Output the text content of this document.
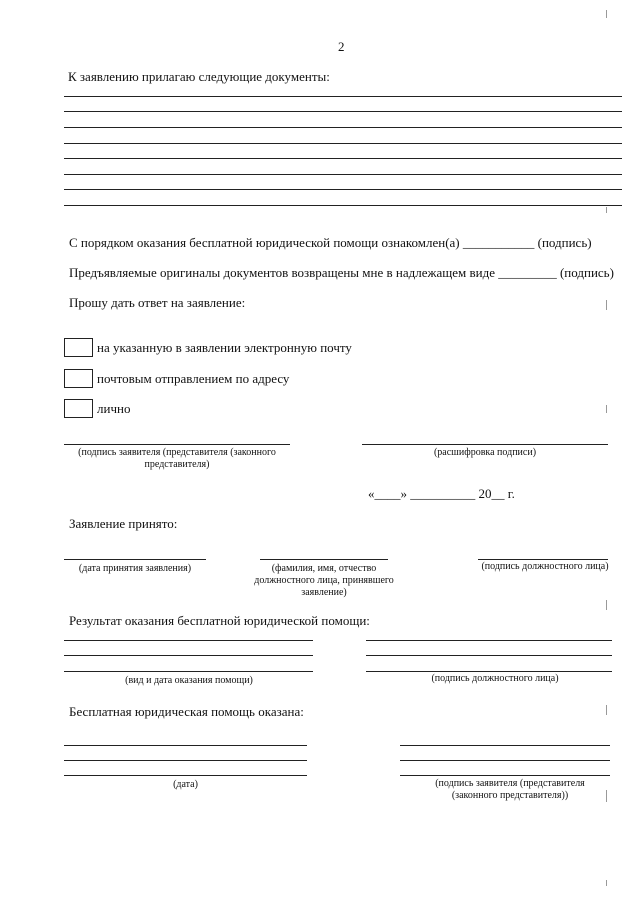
2
К заявлению прилагаю следующие документы:
С порядком оказания бесплатной юридической помощи ознакомлен(а) ___________ (подпись)
Предъявляемые оригиналы документов возвращены мне в надлежащем виде _________ (подпись)
Прошу дать ответ на заявление:
на указанную в заявлении электронную почту
почтовым отправлением по адресу
лично
(подпись заявителя (представителя (законного представителя)
(расшифровка подписи)
«____» __________ 20__ г.
Заявление принято:
(дата принятия заявления)	(фамилия, имя, отчество должностного лица, принявшего заявление)
(подпись должностного лица)
Результат оказания бесплатной юридической помощи:
(вид и дата оказания помощи)	(подпись должностного лица)
Бесплатная юридическая помощь оказана:
(дата)	(подпись заявителя (представителя (законного представителя))
